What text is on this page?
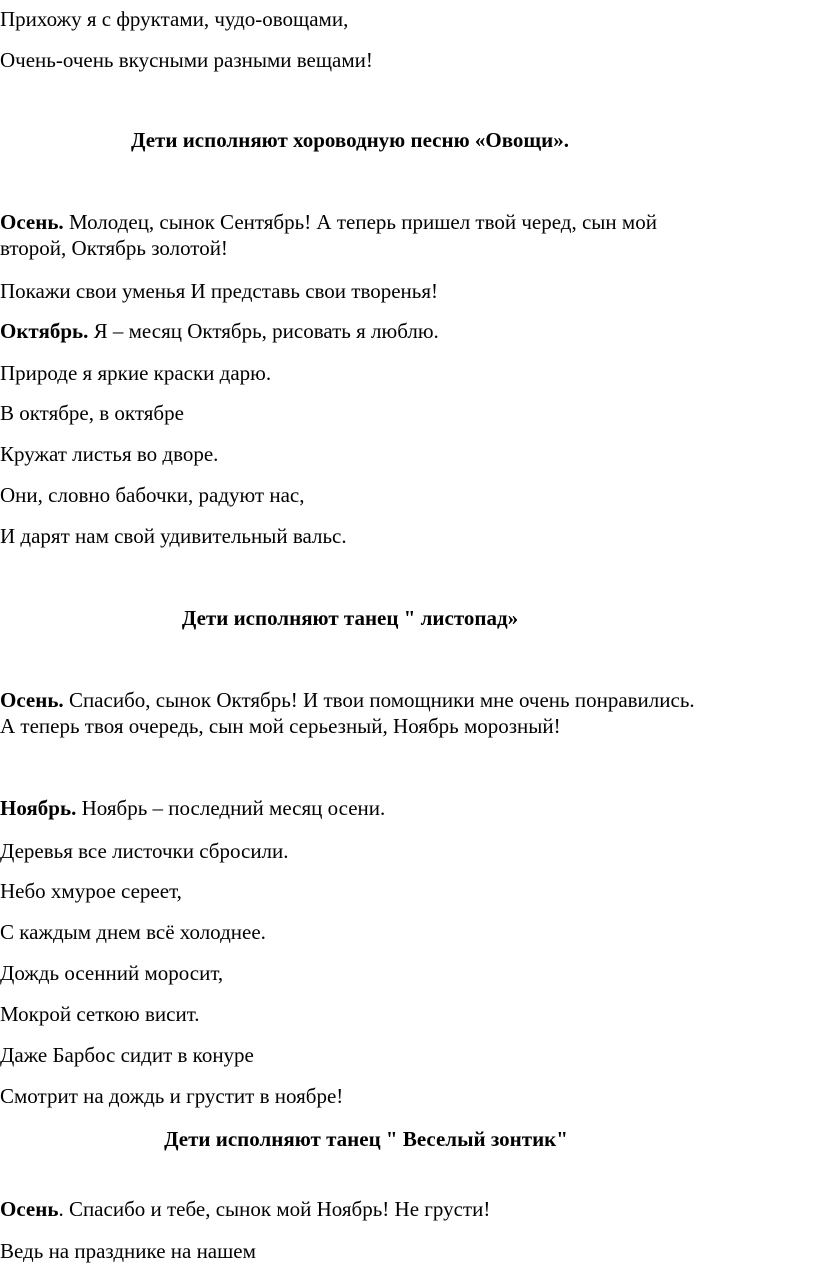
Прихожу я с фруктами, чудо-овощами,
Очень-очень вкусными разными вещами!
Дети исполняют хороводную песню «Овощи».
Осень. Молодец, сынок Сентябрь! А теперь пришел твой черед, сын мой
второй, Октябрь золотой!
Покажи свои уменья И представь свои творенья!
Октябрь. Я – месяц Октябрь, рисовать я люблю.
Природе я яркие краски дарю.
В октябре, в октябре
Кружат листья во дворе.
Они, словно бабочки, радуют нас,
И дарят нам свой удивительный вальс.
Дети исполняют танец " листопад»
Осень. Спасибо, сынок Октябрь! И твои помощники мне очень понравились.
А теперь твоя очередь, сын мой серьезный, Ноябрь морозный!
Ноябрь. Ноябрь – последний месяц осени.
Деревья все листочки сбросили.
Небо хмурое сереет,
С каждым днем всё холоднее.
Дождь осенний моросит,
Мокрой сеткою висит.
Даже Барбос сидит в конуре
Смотрит на дождь и грустит в ноябре!
Дети исполняют танец " Веселый зонтик"
Осень. Спасибо и тебе, сынок мой Ноябрь! Не грусти!
Ведь на празднике на нашем
